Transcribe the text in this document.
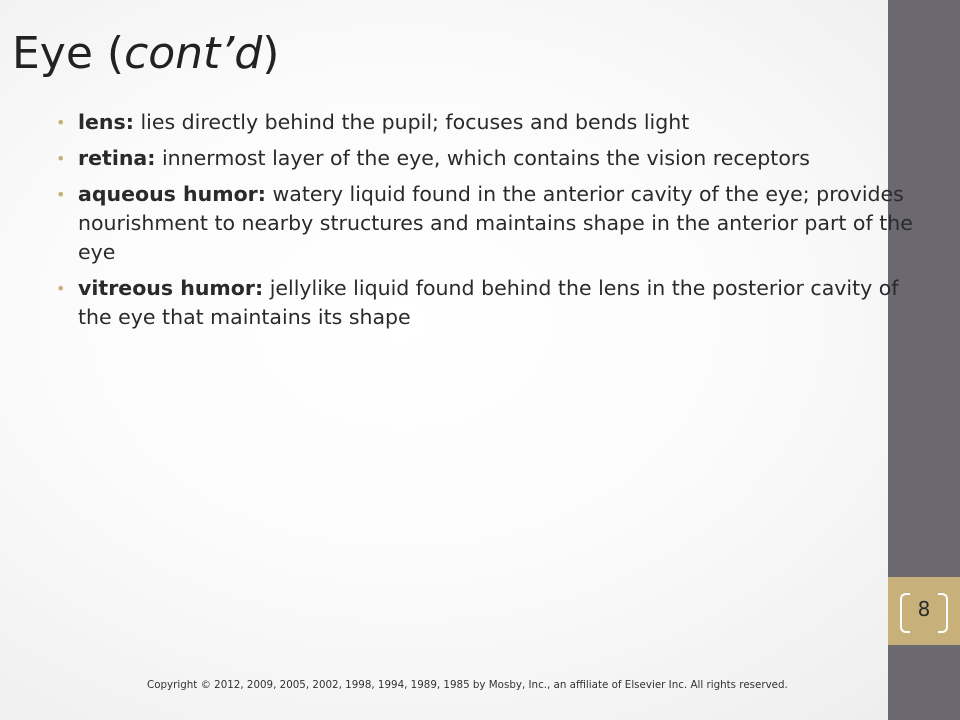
8
Eye (cont’d)
• lens: lies directly behind the pupil; focuses and bends light
• retina: innermost layer of the eye, which contains the vision receptors
• aqueous humor: watery liquid found in the anterior cavity of the eye; provides nourishment to nearby structures and maintains shape in the anterior part of the eye
• vitreous humor: jellylike liquid found behind the lens in the posterior cavity of the eye that maintains its shape
Copyright © 2012, 2009, 2005, 2002, 1998, 1994, 1989, 1985 by Mosby, Inc., an affiliate of Elsevier Inc. All rights reserved.
